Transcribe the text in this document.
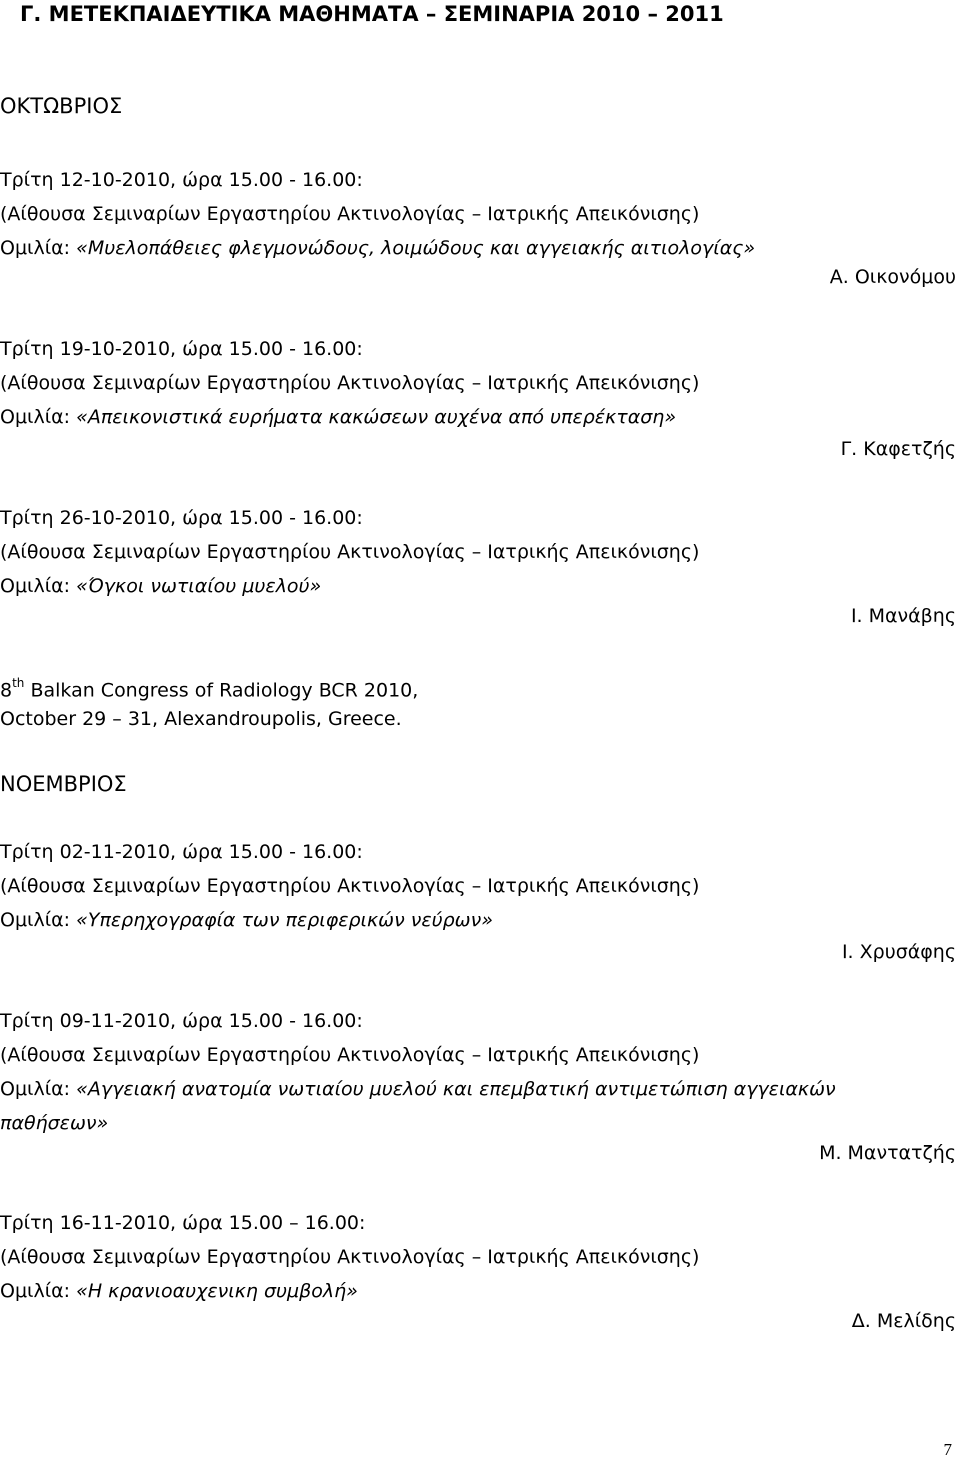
Γ. ΜΕΤΕΚΠΑΙΔΕΥΤΙΚΑ ΜΑΘΗΜΑΤΑ – ΣΕΜΙΝΑΡΙΑ 2010 – 2011
ΟΚΤΩΒΡΙΟΣ
Τρίτη 12-10-2010, ώρα 15.00 - 16.00:
(Αίθουσα Σεμιναρίων Εργαστηρίου Ακτινολογίας – Ιατρικής Απεικόνισης)
Ομιλία: «Μυελοπάθειες φλεγμονώδους, λοιμώδους και αγγειακής αιτιολογίας»
Α. Οικονόμου
Τρίτη 19-10-2010, ώρα 15.00 - 16.00:
(Αίθουσα Σεμιναρίων Εργαστηρίου Ακτινολογίας – Ιατρικής Απεικόνισης)
Ομιλία: «Απεικονιστικά ευρήματα κακώσεων αυχένα από υπερέκταση»
Γ. Καφετζής
Τρίτη 26-10-2010, ώρα 15.00 - 16.00:
(Αίθουσα Σεμιναρίων Εργαστηρίου Ακτινολογίας – Ιατρικής Απεικόνισης)
Ομιλία: «Όγκοι νωτιαίου μυελού»
Ι. Μανάβης
8th Balkan Congress of Radiology BCR 2010,
October 29 – 31, Alexandroupolis, Greece.
ΝΟΕΜΒΡΙΟΣ
Τρίτη 02-11-2010, ώρα 15.00 - 16.00:
(Αίθουσα Σεμιναρίων Εργαστηρίου Ακτινολογίας – Ιατρικής Απεικόνισης)
Ομιλία: «Υπερηχογραφία των περιφερικών νεύρων»
Ι. Χρυσάφης
Τρίτη 09-11-2010, ώρα 15.00 - 16.00:
(Αίθουσα Σεμιναρίων Εργαστηρίου Ακτινολογίας – Ιατρικής Απεικόνισης)
Ομιλία: «Αγγειακή ανατομία νωτιαίου μυελού και επεμβατική αντιμετώπιση αγγειακών
παθήσεων»
Μ. Μαντατζής
Τρίτη 16-11-2010, ώρα 15.00 – 16.00:
(Αίθουσα Σεμιναρίων Εργαστηρίου Ακτινολογίας – Ιατρικής Απεικόνισης)
Ομιλία: «Η κρανιοαυχενικη συμβολή»
Δ. Μελίδης
7
